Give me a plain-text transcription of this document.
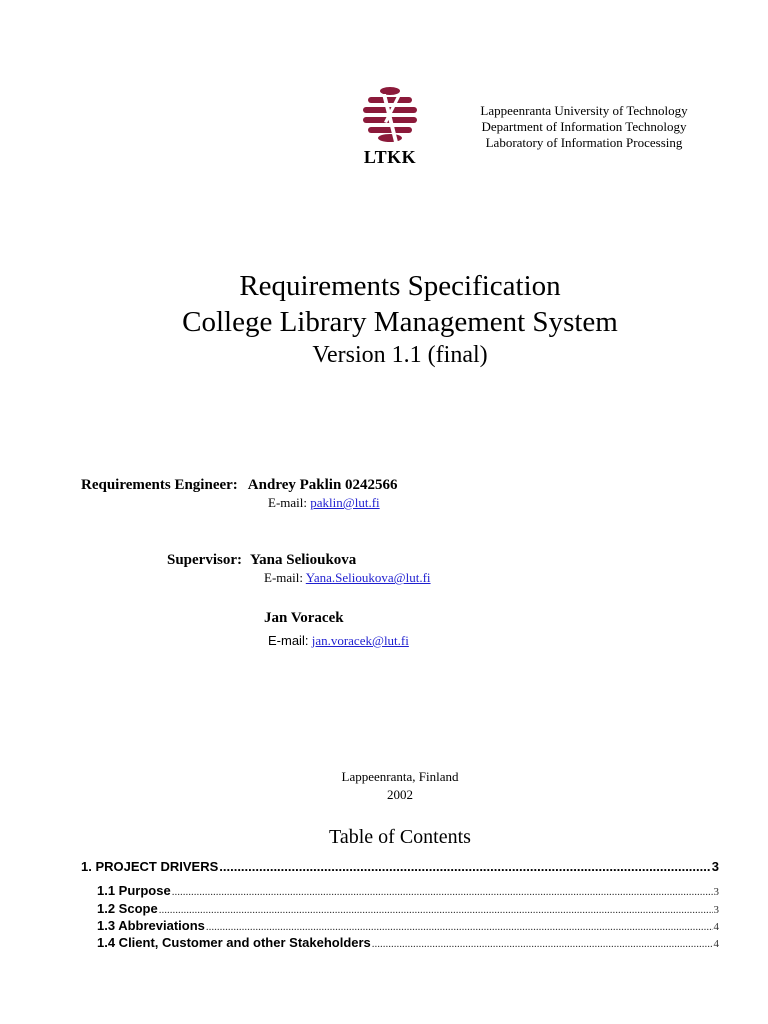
LTKK
Lappeenranta University of Technology
Department of Information Technology
Laboratory of Information Processing
Requirements Specification
College Library Management System
Version 1.1 (final)
Requirements Engineer: Andrey Paklin 0242566
E-mail: paklin@lut.fi
Supervisor: Yana Selioukova
E-mail: Yana.Selioukova@lut.fi
Jan Voracek
E-mail: jan.voracek@lut.fi
Lappeenranta, Finland
2002
Table of Contents
1. PROJECT DRIVERS .....	3
1.1 Purpose .....	3
1.2 Scope .....	3
1.3 Abbreviations .....	4
1.4 Client, Customer and other Stakeholders .....	4
